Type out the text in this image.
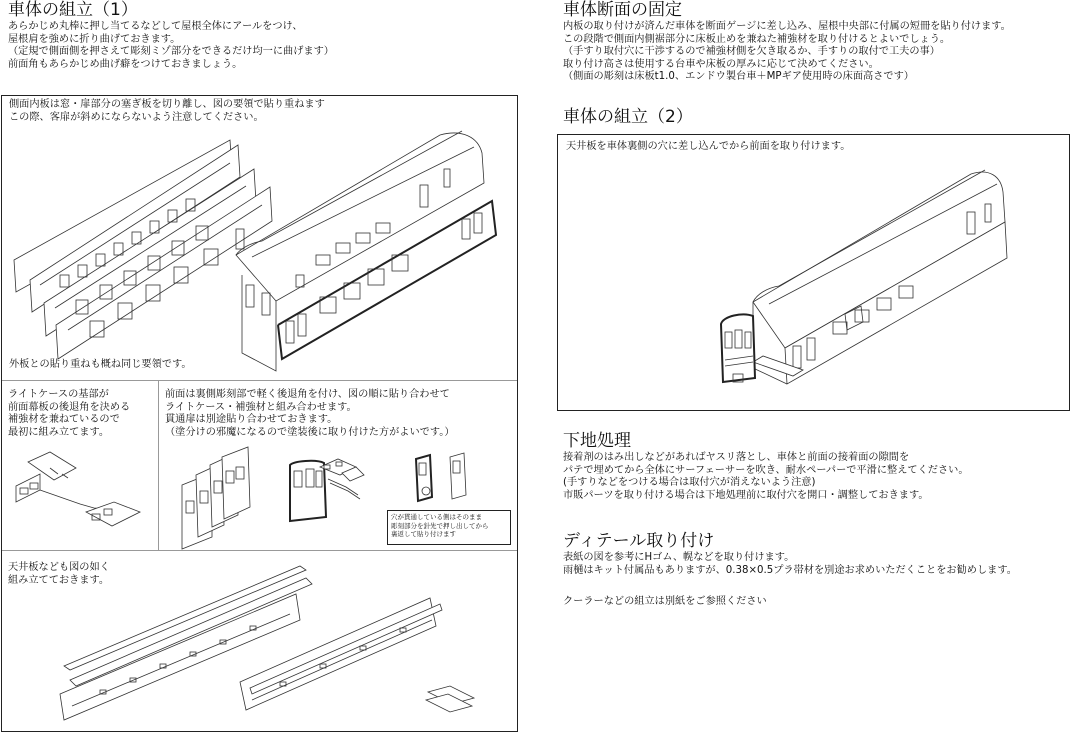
車体の組立（1）
あらかじめ丸棒に押し当てるなどして屋根全体にアールをつけ、
屋根肩を強めに折り曲げておきます。
（定規で側面側を押さえて彫刻ミゾ部分をできるだけ均一に曲げます）
前面角もあらかじめ曲げ癖をつけておきましょう。
側面内板は窓・扉部分の塞ぎ板を切り離し、図の要領で貼り重ねます
この際、客扉が斜めにならないよう注意してください。
外板との貼り重ねも概ね同じ要領です。
ライトケースの基部が
前面幕板の後退角を決める
補強材を兼ねているので
最初に組み立てます。
前面は裏側彫刻部で軽く後退角を付け、図の順に貼り合わせて
ライトケース・補強材と組み合わせます。
貫通扉は別途貼り合わせておきます。
（塗分けの邪魔になるので塗装後に取り付けた方がよいです。）
穴が貫通している側はそのまま
彫刻部分を針先で押し出してから
裏返して貼り付けます
天井板なども図の如く
組み立てておきます。
車体断面の固定
内板の取り付けが済んだ車体を断面ゲージに差し込み、屋根中央部に付属の短冊を貼り付けます。
この段階で側面内側裾部分に床板止めを兼ねた補強材を取り付けるとよいでしょう。
（手すり取付穴に干渉するので補強材側を欠き取るか、手すりの取付で工夫の事）
取り付け高さは使用する台車や床板の厚みに応じて決めてください。
（側面の彫刻は床板t1.0、エンドウ製台車＋MPギア使用時の床面高さです）
車体の組立（2）
天井板を車体裏側の穴に差し込んでから前面を取り付けます。
下地処理
接着剤のはみ出しなどがあればヤスリ落とし、車体と前面の接着面の隙間を
パテで埋めてから全体にサーフェーサーを吹き、耐水ペーパーで平滑に整えてください。
(手すりなどをつける場合は取付穴が消えないよう注意)
市販パーツを取り付ける場合は下地処理前に取付穴を開口・調整しておきます。
ディテール取り付け
表紙の図を参考にHゴム、幌などを取り付けます。
雨樋はキット付属品もありますが、0.38×0.5プラ帯材を別途お求めいただくことをお勧めします。
クーラーなどの組立は別紙をご参照ください
